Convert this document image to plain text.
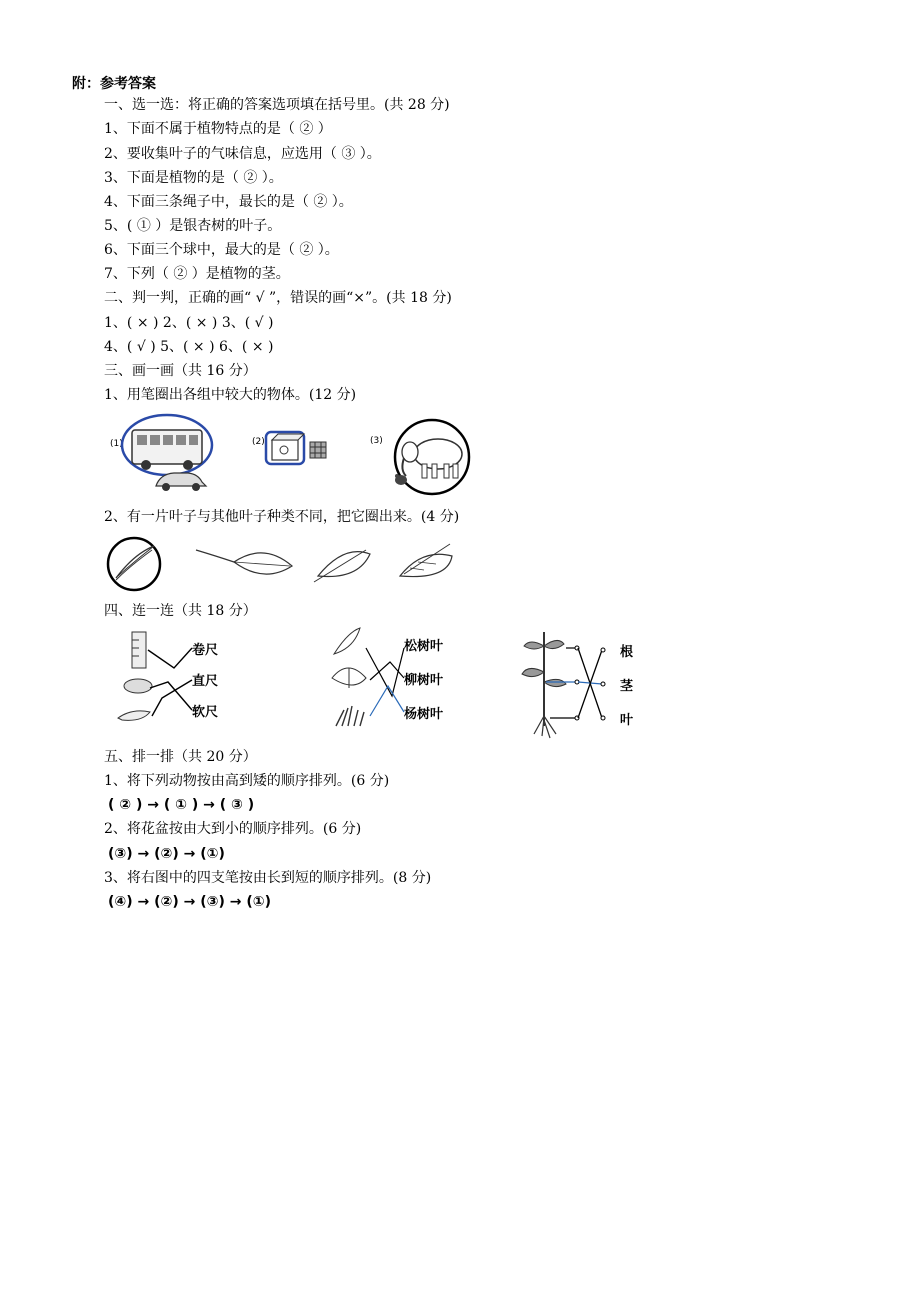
附：参考答案
一、选一选：将正确的答案选项填在括号里。(共 28 分)
1、下面不属于植物特点的是（ ② ）
2、要收集叶子的气味信息，应选用（ ③ ）。
3、下面是植物的是（ ② ）。
4、下面三条绳子中，最长的是（ ② ）。
5、( ① ）是银杏树的叶子。
6、下面三个球中，最大的是（ ② ）。
7、下列（ ② ）是植物的茎。
二、判一判，正确的画“ √ ”，错误的画“×”。(共 18 分)
1、( × ) 2、( × ) 3、( √ )
4、( √ ) 5、( × ) 6、( × )
三、画一画（共 16 分）
1、用笔圈出各组中较大的物体。(12 分)
(1)	(2)	(3)
2、有一片叶子与其他叶子种类不同，把它圈出来。(4 分)
四、连一连（共 18 分）
卷尺
直尺
软尺
松树叶
柳树叶
杨树叶
根
茎
叶
五、排一排（共 20 分）
1、将下列动物按由高到矮的顺序排列。(6 分)
( ② ) → ( ① ) → ( ③ )
2、将花盆按由大到小的顺序排列。(6 分)
(③) → (②) → (①)
3、将右图中的四支笔按由长到短的顺序排列。(8 分)
(④) → (②) → (③) → (①)
